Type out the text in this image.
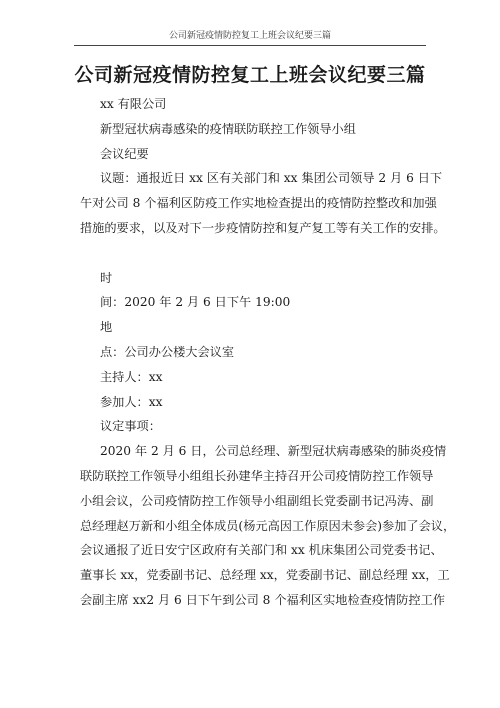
公司新冠疫情防控复工上班会议纪要三篇
公司新冠疫情防控复工上班会议纪要三篇

xx 有限公司

新型冠状病毒感染的疫情联防联控工作领导小组

会议纪要

议题：通报近日 xx 区有关部门和 xx 集团公司领导 2 月 6 日下

午对公司 8 个福利区防疫工作实地检查提出的疫情防控整改和加强

措施的要求，以及对下一步疫情防控和复产复工等有关工作的安排。

时

间：2020 年 2 月 6 日下午 19:00

地

点：公司办公楼大会议室

主持人：xx

参加人：xx

议定事项：

2020 年 2 月 6 日，公司总经理、新型冠状病毒感染的肺炎疫情

联防联控工作领导小组组长孙建华主持召开公司疫情防控工作领导

小组会议，公司疫情防控工作领导小组副组长党委副书记冯涛、副

总经理赵万新和小组全体成员(杨元高因工作原因未参会)参加了会议，

会议通报了近日安宁区政府有关部门和 xx 机床集团公司党委书记、

董事长 xx，党委副书记、总经理 xx，党委副书记、副总经理 xx，工

会副主席 xx2 月 6 日下午到公司 8 个福利区实地检查疫情防控工作
